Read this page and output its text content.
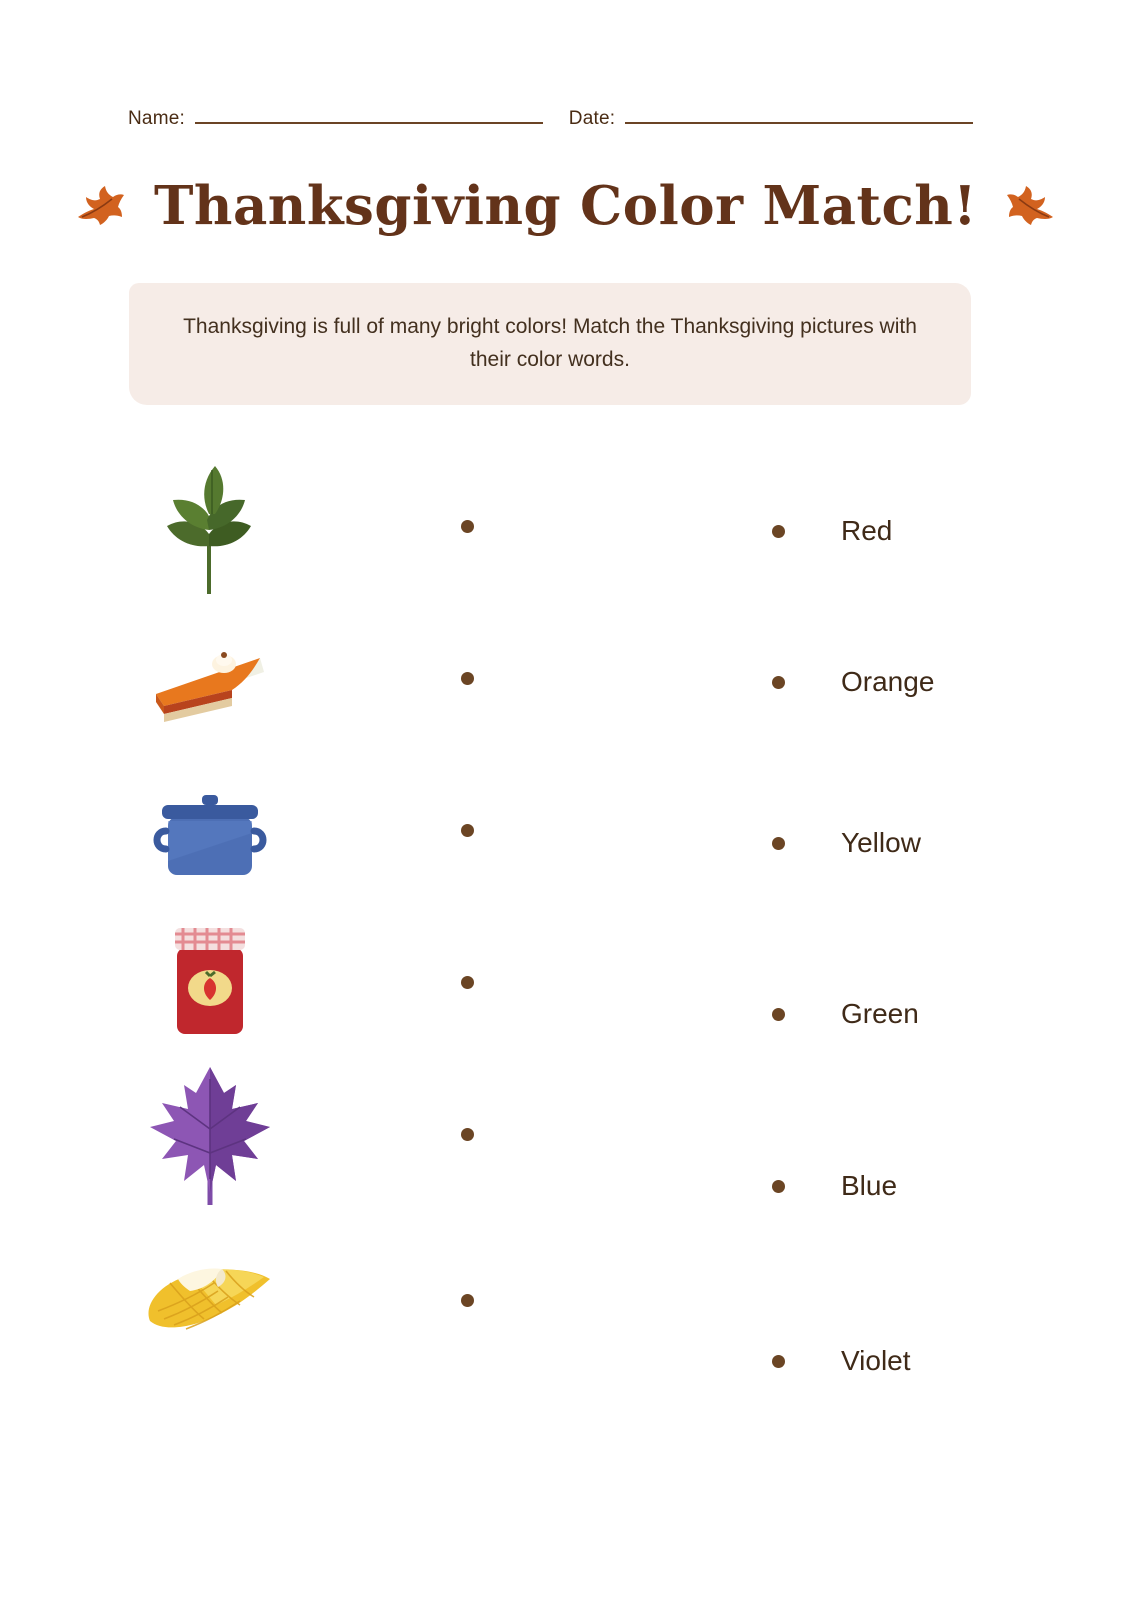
Name:	Date:
Thanksgiving Color Match!

Thanksgiving is full of many bright colors! Match the Thanksgiving pictures with their color words.

Red
Orange
Yellow
Green
Blue
Violet
